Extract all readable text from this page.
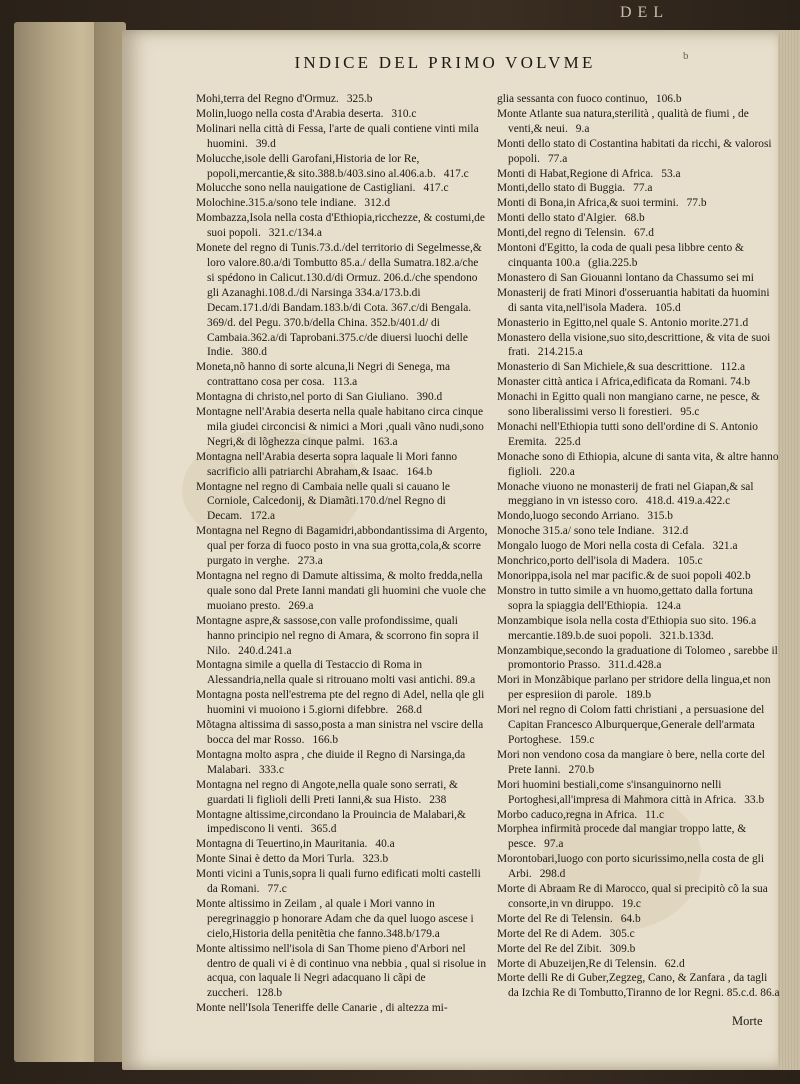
DEL
INDICE DEL PRIMO VOLVME	b

Mohi,terra del Regno d'Ormuz. 325.b

Molin,luogo nella costa d'Arabia deserta. 310.c

Molinari nella città di Fessa, l'arte de quali contiene vinti mila huomini. 39.d

Molucche,isole delli Garofani,Historia de lor Re, popoli,mercantie,& sito.388.b/403.sino al.406.a.b. 417.c

Molucche sono nella nauigatione de Castigliani. 417.c

Molochine.315.a/sono tele indiane. 312.d

Mombazza,Isola nella costa d'Ethiopia,ricchezze, & costumi,de suoi popoli. 321.c/134.a

Monete del regno di Tunis.73.d./del territorio di Segelmesse,& loro valore.80.a/di Tombutto 85.a./ della Sumatra.182.a/che si spédono in Calicut.130.d/di Ormuz. 206.d./che spendono gli Azanaghi.108.d./di Narsinga 334.a/173.b.di Decam.171.d/di Bandam.183.b/di Cota. 367.c/di Bengala. 369/d. del Pegu. 370.b/della China. 352.b/401.d/ di Cambaia.362.a/di Taprobani.375.c/de diuersi luochi delle Indie. 380.d

Moneta,nõ hanno di sorte alcuna,li Negri di Senega, ma contrattano cosa per cosa. 113.a

Montagna di christo,nel porto di San Giuliano. 390.d

Montagne nell'Arabia deserta nella quale habitano circa cinque mila giudei circoncisi & nimici a Mori ,quali vãno nudi,sono Negri,& di lõghezza cinque palmi. 163.a

Montagna nell'Arabia deserta sopra laquale li Mori fanno sacrificio alli patriarchi Abraham,& Isaac. 164.b

Montagne nel regno di Cambaia nelle quali si cauano le Corniole, Calcedonij, & Diamãti.170.d/nel Regno di Decam. 172.a

Montagna nel Regno di Bagamidri,abbondantissima di Argento, qual per forza di fuoco posto in vna sua grotta,cola,& scorre purgato in verghe. 273.a

Montagna nel regno di Damute altissima, & molto fredda,nella quale sono dal Prete Ianni mandati gli huomini che vuole che muoiano presto. 269.a

Montagne aspre,& sassose,con valle profondissime, quali hanno principio nel regno di Amara, & scorrono fin sopra il Nilo. 240.d.241.a

Montagna simile a quella di Testaccio di Roma in Alessandria,nella quale si ritrouano molti vasi antichi. 89.a

Montagna posta nell'estrema pte del regno di Adel, nella qle gli huomini vi muoiono i 5.giorni difebbre. 268.d

Mõtagna altissima di sasso,posta a man sinistra nel vscire della bocca del mar Rosso. 166.b

Montagna molto aspra , che diuide il Regno di Narsinga,da Malabari. 333.c

Montagna nel regno di Angote,nella quale sono serrati, & guardati li figlioli delli Preti Ianni,& sua Histo. 238

Montagne altissime,circondano la Prouincia de Malabari,& impediscono li venti. 365.d

Montagna di Teuertino,in Mauritania. 40.a

Monte Sinai è detto da Mori Turla. 323.b

Monti vicini a Tunis,sopra li quali furno edificati molti castelli da Romani. 77.c

Monte altissimo in Zeilam , al quale i Mori vanno in peregrinaggio p honorare Adam che da quel luogo ascese i cielo,Historia della penitẽtia che fanno.348.b/179.a

Monte altissimo nell'isola di San Thome pieno d'Arbori nel dentro de quali vi è di continuo vna nebbia , qual si risolue in acqua, con laquale li Negri adacquano li cãpi de zuccheri. 128.b

Monte nell'Isola Teneriffe delle Canarie , di altezza mi-

glia sessanta con fuoco continuo, 106.b

Monte Atlante sua natura,sterilità , qualità de fiumi , de venti,& neui. 9.a

Monti dello stato di Costantina habitati da ricchi, & valorosi popoli. 77.a

Monti di Habat,Regione di Africa. 53.a

Monti,dello stato di Buggia. 77.a

Monti di Bona,in Africa,& suoi termini. 77.b

Monti dello stato d'Algier. 68.b

Monti,del regno di Telensin. 67.d

Montoni d'Egitto, la coda de quali pesa libbre cento & cinquanta 100.a (glia.225.b

Monastero di San Giouanni lontano da Chassumo sei mi

Monasterij de frati Minori d'osseruantia habitati da huomini di santa vita,nell'isola Madera. 105.d

Monasterio in Egitto,nel quale S. Antonio morite.271.d

Monastero della visione,suo sito,descrittione, & vita de suoi frati. 214.215.a

Monasterio di San Michiele,& sua descrittione. 112.a

Monaster città antica i Africa,edificata da Romani. 74.b

Monachi in Egitto quali non mangiano carne, ne pesce, & sono liberalissimi verso li forestieri. 95.c

Monachi nell'Ethiopia tutti sono dell'ordine di S. Antonio Eremita. 225.d

Monache sono di Ethiopia, alcune di santa vita, & altre hanno figlioli. 220.a

Monache viuono ne monasterij de frati nel Giapan,& sal meggiano in vn istesso coro. 418.d. 419.a.422.c

Mondo,luogo secondo Arriano. 315.b

Monoche 315.a/ sono tele Indiane. 312.d

Mongalo luogo de Mori nella costa di Cefala. 321.a

Monchrico,porto dell'isola di Madera. 105.c

Monorippa,isola nel mar pacific.& de suoi popoli 402.b

Monstro in tutto simile a vn huomo,gettato dalla fortuna sopra la spiaggia dell'Ethiopia. 124.a

Monzambique isola nella costa d'Ethiopia suo sito. 196.a mercantie.189.b.de suoi popoli. 321.b.133d.

Monzambique,secondo la graduatione di Tolomeo , sarebbe il promontorio Prasso. 311.d.428.a

Mori in Monzãbique parlano per stridore della lingua,et non per espresiion di parole. 189.b

Mori nel regno di Colom fatti christiani , a persuasione del Capitan Francesco Alburquerque,Generale dell'armata Portoghese. 159.c

Mori non vendono cosa da mangiare ò bere, nella corte del Prete Ianni. 270.b

Mori huomini bestiali,come s'insanguinorno nelli Portoghesi,all'impresa di Mahmora città in Africa. 33.b

Morbo caduco,regna in Africa. 11.c

Morphea infirmità procede dal mangiar troppo latte, & pesce. 97.a

Morontobari,luogo con porto sicurissimo,nella costa de gli Arbi. 298.d

Morte di Abraam Re di Marocco, qual si precipitò cõ la sua consorte,in vn diruppo. 19.c

Morte del Re di Telensin. 64.b

Morte del Re di Adem. 305.c

Morte del Re del Zibit. 309.b

Morte di Abuzeijen,Re di Telensin. 62.d

Morte delli Re di Guber,Zegzeg, Cano, & Zanfara , da tagli da Izchia Re di Tombutto,Tiranno de lor Regni. 85.c.d. 86.a

Morte
